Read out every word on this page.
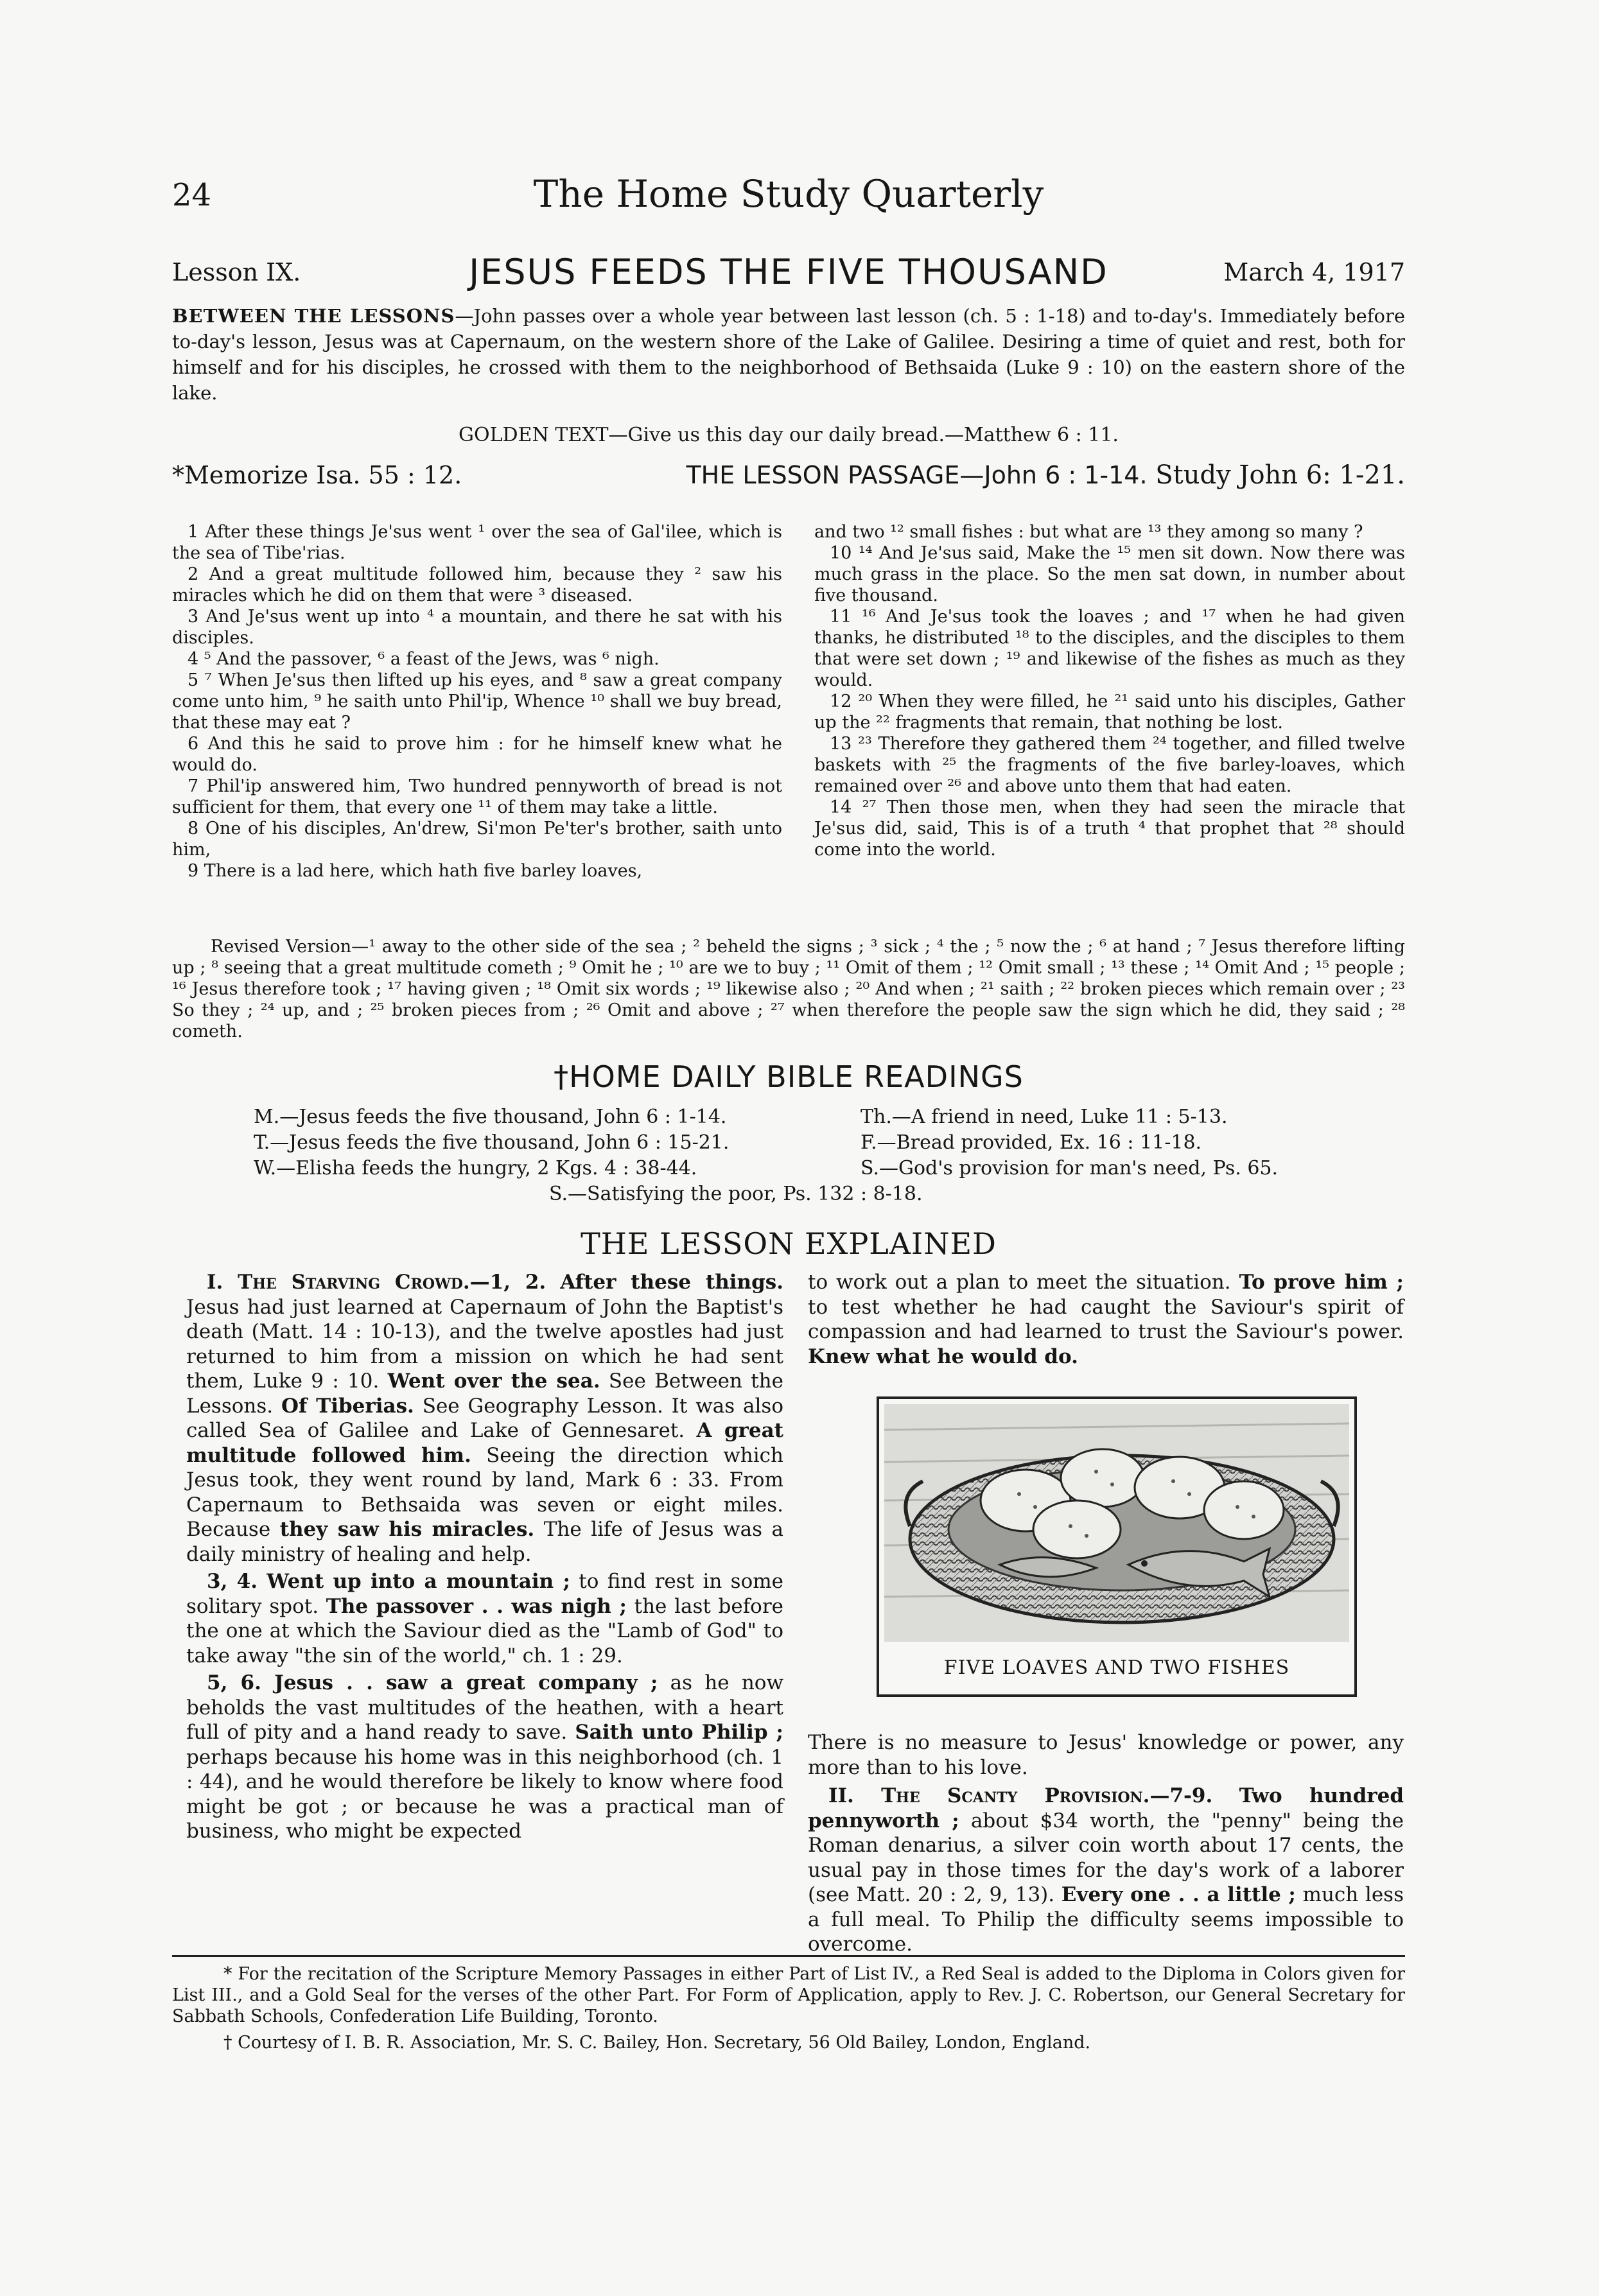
24	The Home Study Quarterly
Lesson IX.	JESUS FEEDS THE FIVE THOUSAND	March 4, 1917
BETWEEN THE LESSONS—John passes over a whole year between last lesson (ch. 5 : 1-18) and to-day's. Immediately before to-day's lesson, Jesus was at Capernaum, on the western shore of the Lake of Galilee. Desiring a time of quiet and rest, both for himself and for his disciples, he crossed with them to the neighborhood of Bethsaida (Luke 9 : 10) on the eastern shore of the lake.
GOLDEN TEXT—Give us this day our daily bread.—Matthew 6 : 11.
*Memorize Isa. 55 : 12.	THE LESSON PASSAGE—John 6 : 1-14. Study John 6: 1-21.

1 After these things Je'sus went ¹ over the sea of Gal'ilee, which is the sea of Tibe'rias.

2 And a great multitude followed him, because they ² saw his miracles which he did on them that were ³ diseased.

3 And Je'sus went up into ⁴ a mountain, and there he sat with his disciples.

4 ⁵ And the passover, ⁶ a feast of the Jews, was ⁶ nigh.

5 ⁷ When Je'sus then lifted up his eyes, and ⁸ saw a great company come unto him, ⁹ he saith unto Phil'ip, Whence ¹⁰ shall we buy bread, that these may eat ?

6 And this he said to prove him : for he himself knew what he would do.

7 Phil'ip answered him, Two hundred pennyworth of bread is not sufficient for them, that every one ¹¹ of them may take a little.

8 One of his disciples, An'drew, Si'mon Pe'ter's brother, saith unto him,

9 There is a lad here, which hath five barley loaves,

and two ¹² small fishes : but what are ¹³ they among so many ?

10 ¹⁴ And Je'sus said, Make the ¹⁵ men sit down. Now there was much grass in the place. So the men sat down, in number about five thousand.

11 ¹⁶ And Je'sus took the loaves ; and ¹⁷ when he had given thanks, he distributed ¹⁸ to the disciples, and the disciples to them that were set down ; ¹⁹ and likewise of the fishes as much as they would.

12 ²⁰ When they were filled, he ²¹ said unto his disciples, Gather up the ²² fragments that remain, that nothing be lost.

13 ²³ Therefore they gathered them ²⁴ together, and filled twelve baskets with ²⁵ the fragments of the five barley-loaves, which remained over ²⁶ and above unto them that had eaten.

14 ²⁷ Then those men, when they had seen the miracle that Je'sus did, said, This is of a truth ⁴ that prophet that ²⁸ should come into the world.

Revised Version—¹ away to the other side of the sea ; ² beheld the signs ; ³ sick ; ⁴ the ; ⁵ now the ; ⁶ at hand ; ⁷ Jesus therefore lifting up ; ⁸ seeing that a great multitude cometh ; ⁹ Omit he ; ¹⁰ are we to buy ; ¹¹ Omit of them ; ¹² Omit small ; ¹³ these ; ¹⁴ Omit And ; ¹⁵ people ; ¹⁶ Jesus therefore took ; ¹⁷ having given ; ¹⁸ Omit six words ; ¹⁹ likewise also ; ²⁰ And when ; ²¹ saith ; ²² broken pieces which remain over ; ²³ So they ; ²⁴ up, and ; ²⁵ broken pieces from ; ²⁶ Omit and above ; ²⁷ when therefore the people saw the sign which he did, they said ; ²⁸ cometh.
†HOME DAILY BIBLE READINGS
M.—Jesus feeds the five thousand, John 6 : 1-14.	Th.—A friend in need, Luke 11 : 5-13.
T.—Jesus feeds the five thousand, John 6 : 15-21.	F.—Bread provided, Ex. 16 : 11-18.
W.—Elisha feeds the hungry, 2 Kgs. 4 : 38-44.	S.—God's provision for man's need, Ps. 65.
S.—Satisfying the poor, Ps. 132 : 8-18.
THE LESSON EXPLAINED

I. The Starving Crowd.—1, 2. After these things. Jesus had just learned at Capernaum of John the Baptist's death (Matt. 14 : 10-13), and the twelve apostles had just returned to him from a mission on which he had sent them, Luke 9 : 10. Went over the sea. See Between the Lessons. Of Tiberias. See Geography Lesson. It was also called Sea of Galilee and Lake of Gennesaret. A great multitude followed him. Seeing the direction which Jesus took, they went round by land, Mark 6 : 33. From Capernaum to Bethsaida was seven or eight miles. Because they saw his miracles. The life of Jesus was a daily ministry of healing and help.

3, 4. Went up into a mountain ; to find rest in some solitary spot. The passover . . was nigh ; the last before the one at which the Saviour died as the "Lamb of God" to take away "the sin of the world," ch. 1 : 29.

5, 6. Jesus . . saw a great company ; as he now beholds the vast multitudes of the heathen, with a heart full of pity and a hand ready to save. Saith unto Philip ; perhaps because his home was in this neighborhood (ch. 1 : 44), and he would therefore be likely to know where food might be got ; or because he was a practical man of business, who might be expected

to work out a plan to meet the situation. To prove him ; to test whether he had caught the Saviour's spirit of compassion and had learned to trust the Saviour's power. Knew what he would do.

FIVE LOAVES AND TWO FISHES

There is no measure to Jesus' knowledge or power, any more than to his love.

II. The Scanty Provision.—7-9. Two hundred pennyworth ; about $34 worth, the "penny" being the Roman denarius, a silver coin worth about 17 cents, the usual pay in those times for the day's work of a laborer (see Matt. 20 : 2, 9, 13). Every one . . a little ; much less a full meal. To Philip the difficulty seems impossible to overcome.

* For the recitation of the Scripture Memory Passages in either Part of List IV., a Red Seal is added to the Diploma in Colors given for List III., and a Gold Seal for the verses of the other Part. For Form of Application, apply to Rev. J. C. Robertson, our General Secretary for Sabbath Schools, Confederation Life Building, Toronto.

† Courtesy of I. B. R. Association, Mr. S. C. Bailey, Hon. Secretary, 56 Old Bailey, London, England.
